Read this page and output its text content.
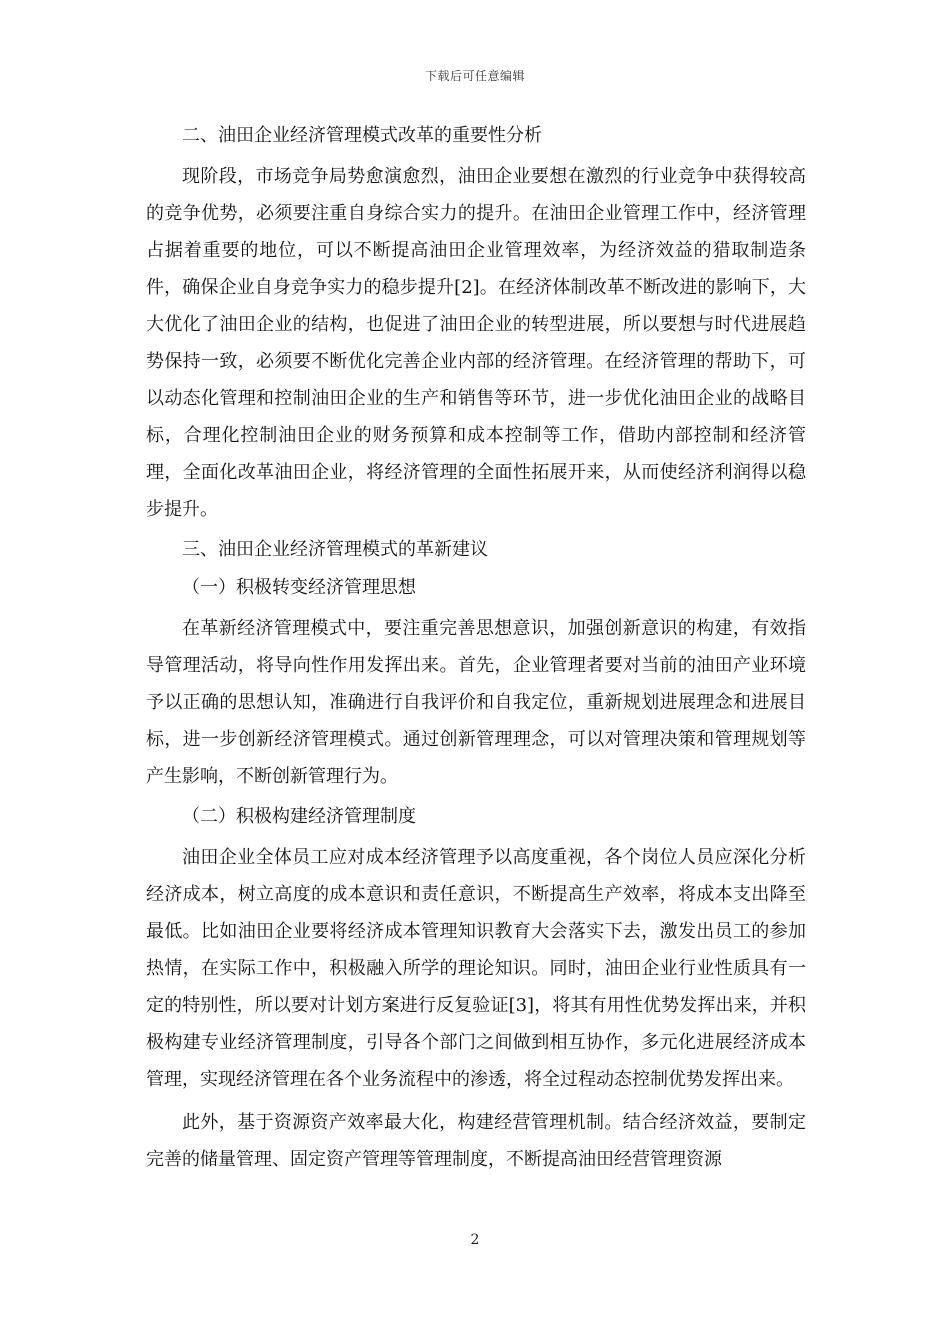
下载后可任意编辑

二、油田企业经济管理模式改革的重要性分析

现阶段，市场竞争局势愈演愈烈，油田企业要想在激烈的行业竞争中获得较高的竞争优势，必须要注重自身综合实力的提升。在油田企业管理工作中，经济管理占据着重要的地位，可以不断提高油田企业管理效率，为经济效益的猎取制造条件，确保企业自身竞争实力的稳步提升[2]。在经济体制改革不断改进的影响下，大大优化了油田企业的结构，也促进了油田企业的转型进展，所以要想与时代进展趋势保持一致，必须要不断优化完善企业内部的经济管理。在经济管理的帮助下，可以动态化管理和控制油田企业的生产和销售等环节，进一步优化油田企业的战略目标，合理化控制油田企业的财务预算和成本控制等工作，借助内部控制和经济管理，全面化改革油田企业，将经济管理的全面性拓展开来，从而使经济利润得以稳步提升。

三、油田企业经济管理模式的革新建议

（一）积极转变经济管理思想

在革新经济管理模式中，要注重完善思想意识，加强创新意识的构建，有效指导管理活动，将导向性作用发挥出来。首先，企业管理者要对当前的油田产业环境予以正确的思想认知，准确进行自我评价和自我定位，重新规划进展理念和进展目标，进一步创新经济管理模式。通过创新管理理念，可以对管理决策和管理规划等产生影响，不断创新管理行为。

（二）积极构建经济管理制度

油田企业全体员工应对成本经济管理予以高度重视，各个岗位人员应深化分析经济成本，树立高度的成本意识和责任意识，不断提高生产效率，将成本支出降至最低。比如油田企业要将经济成本管理知识教育大会落实下去，激发出员工的参加热情，在实际工作中，积极融入所学的理论知识。同时，油田企业行业性质具有一定的特别性，所以要对计划方案进行反复验证[3]，将其有用性优势发挥出来，并积极构建专业经济管理制度，引导各个部门之间做到相互协作，多元化进展经济成本管理，实现经济管理在各个业务流程中的渗透，将全过程动态控制优势发挥出来。

此外，基于资源资产效率最大化，构建经营管理机制。结合经济效益，要制定完善的储量管理、固定资产管理等管理制度，不断提高油田经营管理资源

2
